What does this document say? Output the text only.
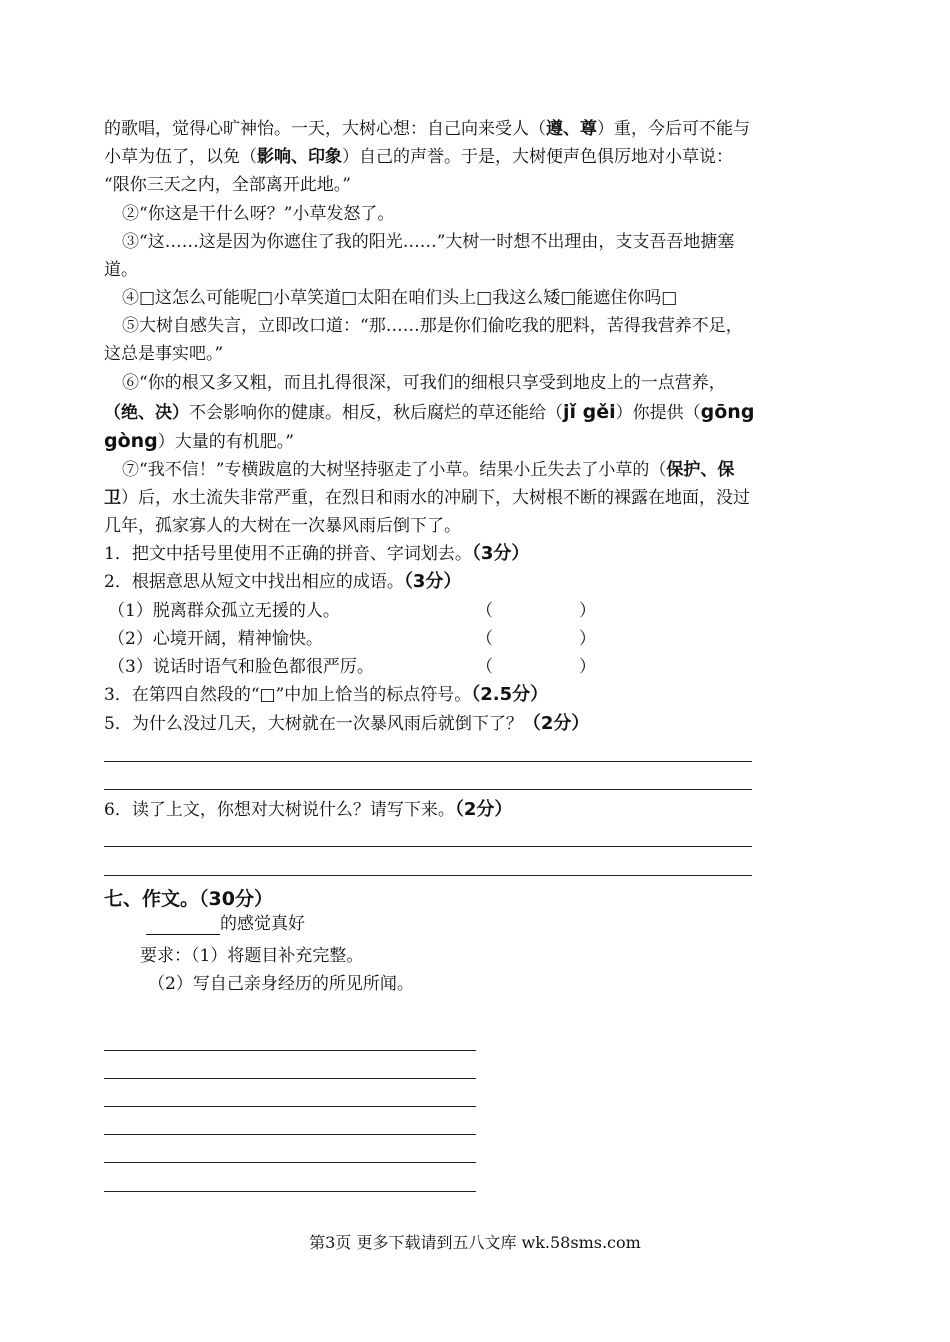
的歌唱，觉得心旷神怡。一天，大树心想：自己向来受人（遵、尊）重，今后可不能与
小草为伍了，以免（影响、印象）自己的声誉。于是，大树便声色俱厉地对小草说：
“限你三天之内，全部离开此地。”
②“你这是干什么呀？”小草发怒了。
③“这……这是因为你遮住了我的阳光……”大树一时想不出理由，支支吾吾地搪塞
道。
④□这怎么可能呢□小草笑道□太阳在咱们头上□我这么矮□能遮住你吗□
⑤大树自感失言，立即改口道：“那……那是你们偷吃我的肥料，苦得我营养不足，
这总是事实吧。”
⑥“你的根又多又粗，而且扎得很深，可我们的细根只享受到地皮上的一点营养，
（绝、决）不会影响你的健康。相反，秋后腐烂的草还能给（jǐ gěi）你提供（gōng
gòng）大量的有机肥。”
⑦“我不信！”专横跋扈的大树坚持驱走了小草。结果小丘失去了小草的（保护、保
卫）后，水土流失非常严重，在烈日和雨水的冲刷下，大树根不断的裸露在地面，没过
几年，孤家寡人的大树在一次暴风雨后倒下了。
1．把文中括号里使用不正确的拼音、字词划去。（3分）
2．根据意思从短文中找出相应的成语。（3分）
（1）脱离群众孤立无援的人。	（	）
（2）心境开阔，精神愉快。	（	）
（3）说话时语气和脸色都很严厉。	（	）
3．在第四自然段的“□”中加上恰当的标点符号。（2.5分）
5．为什么没过几天，大树就在一次暴风雨后就倒下了？（2分）
6．读了上文，你想对大树说什么？请写下来。（2分）
七、作文。（30分）
的感觉真好
要求：（1）将题目补充完整。
（2）写自己亲身经历的所见所闻。
第3页 更多下载请到五八文库 wk.58sms.com
